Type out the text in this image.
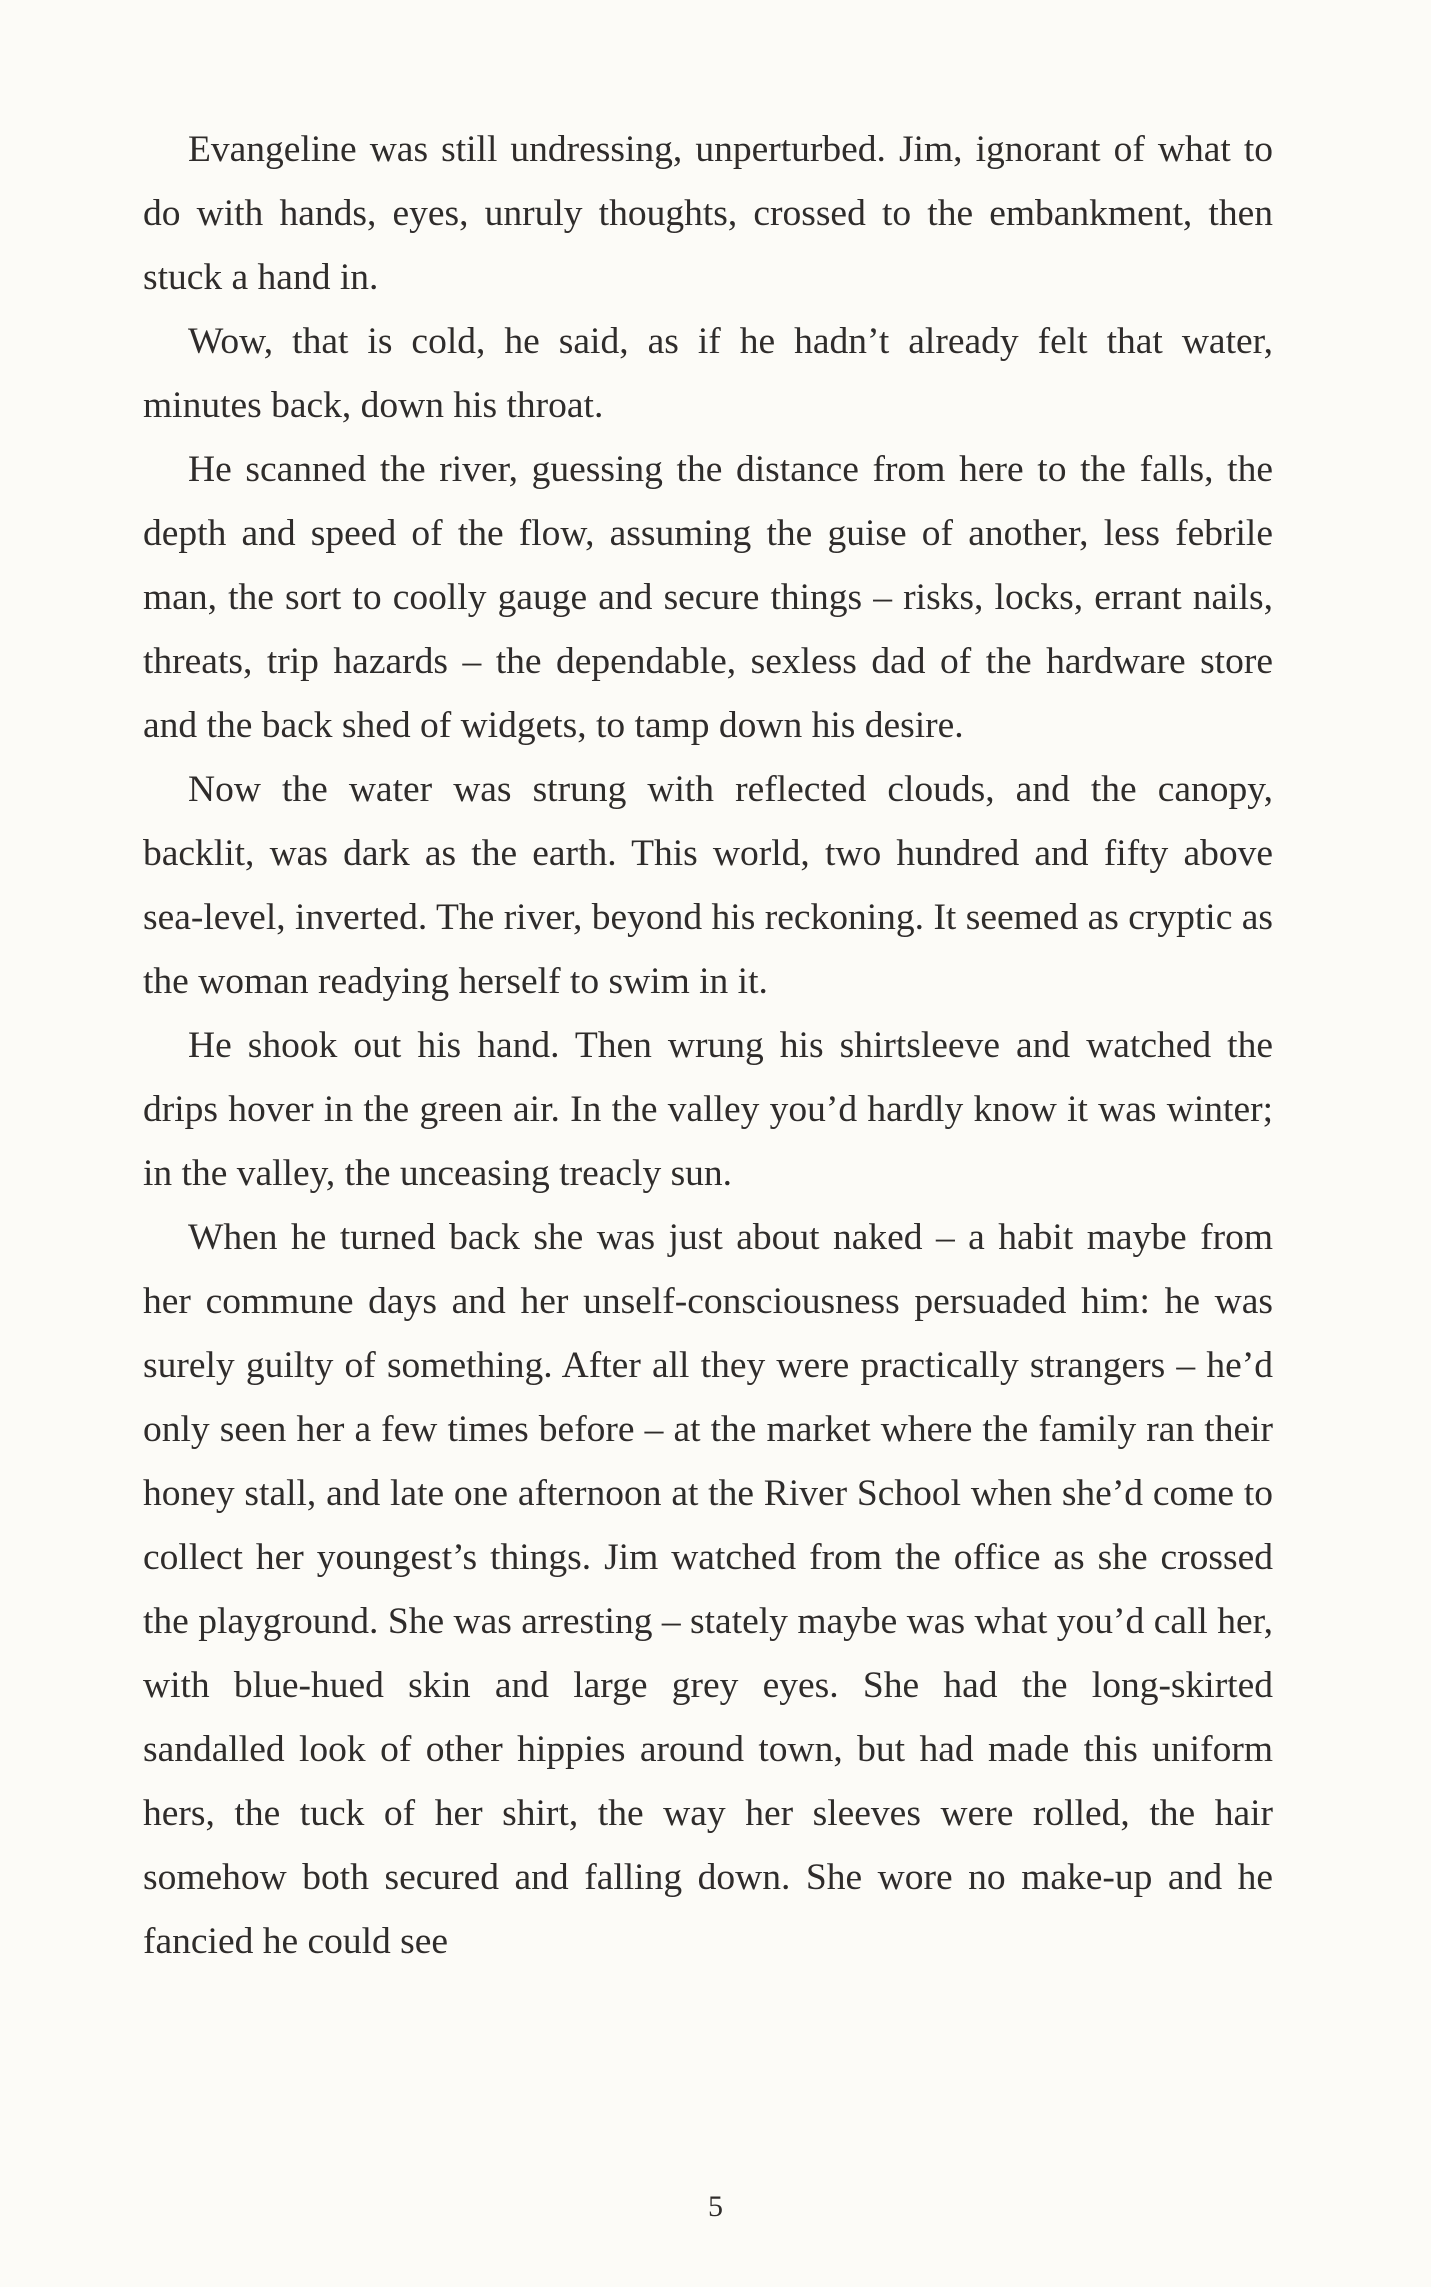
Evangeline was still undressing, unperturbed. Jim, ignorant of what to do with hands, eyes, unruly thoughts, crossed to the embankment, then stuck a hand in.

Wow, that is cold, he said, as if he hadn’t already felt that water, minutes back, down his throat.

He scanned the river, guessing the distance from here to the falls, the depth and speed of the flow, assuming the guise of another, less febrile man, the sort to coolly gauge and secure things – risks, locks, errant nails, threats, trip hazards – the dependable, sexless dad of the hardware store and the back shed of widgets, to tamp down his desire.

Now the water was strung with reflected clouds, and the canopy, backlit, was dark as the earth. This world, two hundred and fifty above sea-level, inverted. The river, beyond his reckoning. It seemed as cryptic as the woman readying herself to swim in it.

He shook out his hand. Then wrung his shirtsleeve and watched the drips hover in the green air. In the valley you’d hardly know it was winter; in the valley, the unceasing treacly sun.

When he turned back she was just about naked – a habit maybe from her commune days and her unself-consciousness persuaded him: he was surely guilty of something. After all they were practically strangers – he’d only seen her a few times before – at the market where the family ran their honey stall, and late one afternoon at the River School when she’d come to collect her youngest’s things. Jim watched from the office as she crossed the playground. She was arresting – stately maybe was what you’d call her, with blue-hued skin and large grey eyes. She had the long-skirted sandalled look of other hippies around town, but had made this uniform hers, the tuck of her shirt, the way her sleeves were rolled, the hair somehow both secured and falling down. She wore no make-up and he fancied he could see

5
